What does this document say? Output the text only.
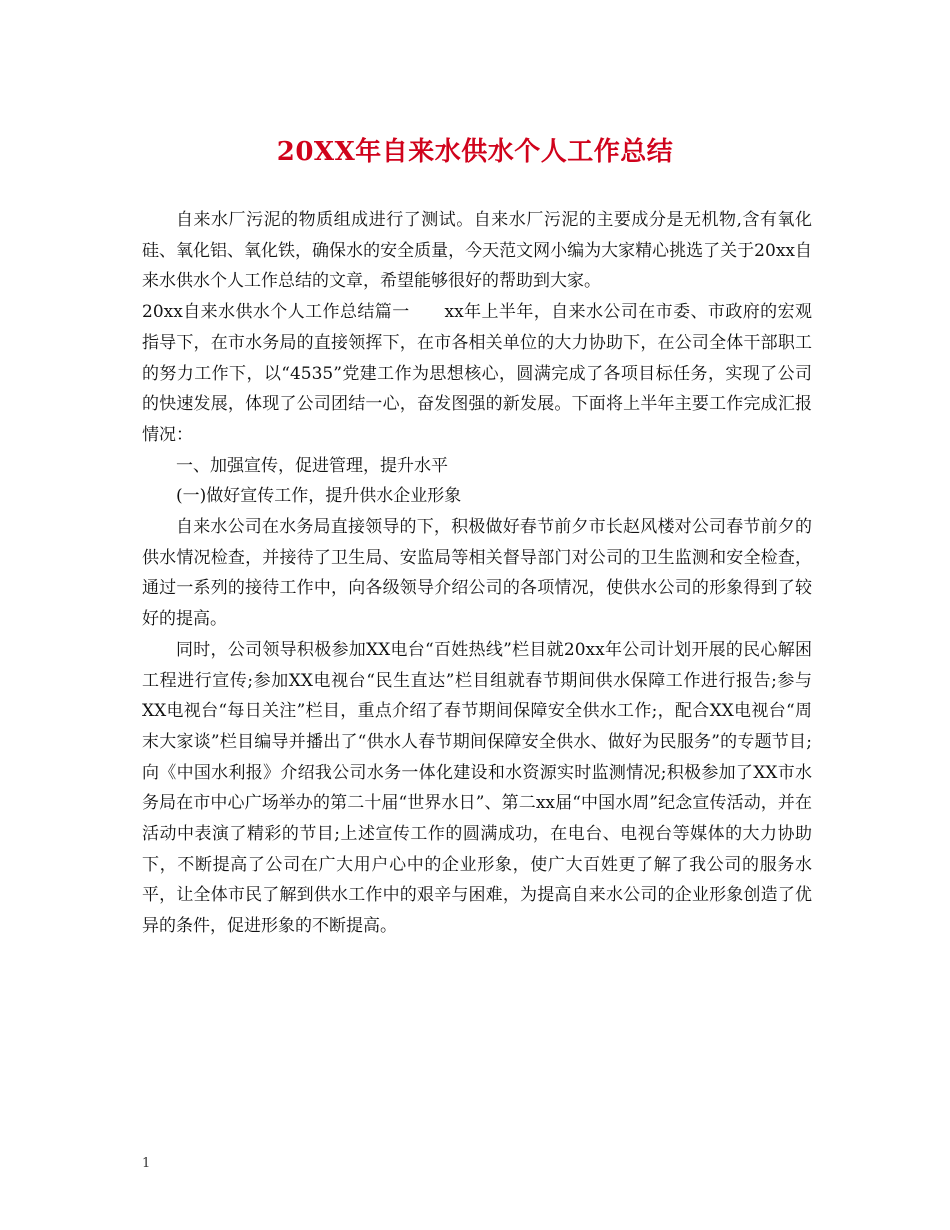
20XX年自来水供水个人工作总结

自来水厂污泥的物质组成进行了测试。自来水厂污泥的主要成分是无机物,含有氧化硅、氧化铝、氧化铁，确保水的安全质量，今天范文网小编为大家精心挑选了关于20xx自来水供水个人工作总结的文章，希望能够很好的帮助到大家。

20xx自来水供水个人工作总结篇一　　xx年上半年，自来水公司在市委、市政府的宏观指导下，在市水务局的直接领挥下，在市各相关单位的大力协助下，在公司全体干部职工的努力工作下，以“4535”党建工作为思想核心，圆满完成了各项目标任务，实现了公司的快速发展，体现了公司团结一心，奋发图强的新发展。下面将上半年主要工作完成汇报情况：

一、加强宣传，促进管理，提升水平

(一)做好宣传工作，提升供水企业形象

自来水公司在水务局直接领导的下，积极做好春节前夕市长赵风楼对公司春节前夕的供水情况检查，并接待了卫生局、安监局等相关督导部门对公司的卫生监测和安全检查，通过一系列的接待工作中，向各级领导介绍公司的各项情况，使供水公司的形象得到了较好的提高。

同时，公司领导积极参加XX电台“百姓热线”栏目就20xx年公司计划开展的民心解困工程进行宣传;参加XX电视台“民生直达”栏目组就春节期间供水保障工作进行报告;参与XX电视台“每日关注”栏目，重点介绍了春节期间保障安全供水工作;，配合XX电视台“周末大家谈”栏目编导并播出了“供水人春节期间保障安全供水、做好为民服务”的专题节目;向《中国水利报》介绍我公司水务一体化建设和水资源实时监测情况;积极参加了XX市水务局在市中心广场举办的第二十届“世界水日”、第二xx届“中国水周”纪念宣传活动，并在活动中表演了精彩的节目;上述宣传工作的圆满成功，在电台、电视台等媒体的大力协助下，不断提高了公司在广大用户心中的企业形象，使广大百姓更了解了我公司的服务水平，让全体市民了解到供水工作中的艰辛与困难，为提高自来水公司的企业形象创造了优异的条件，促进形象的不断提高。

1
